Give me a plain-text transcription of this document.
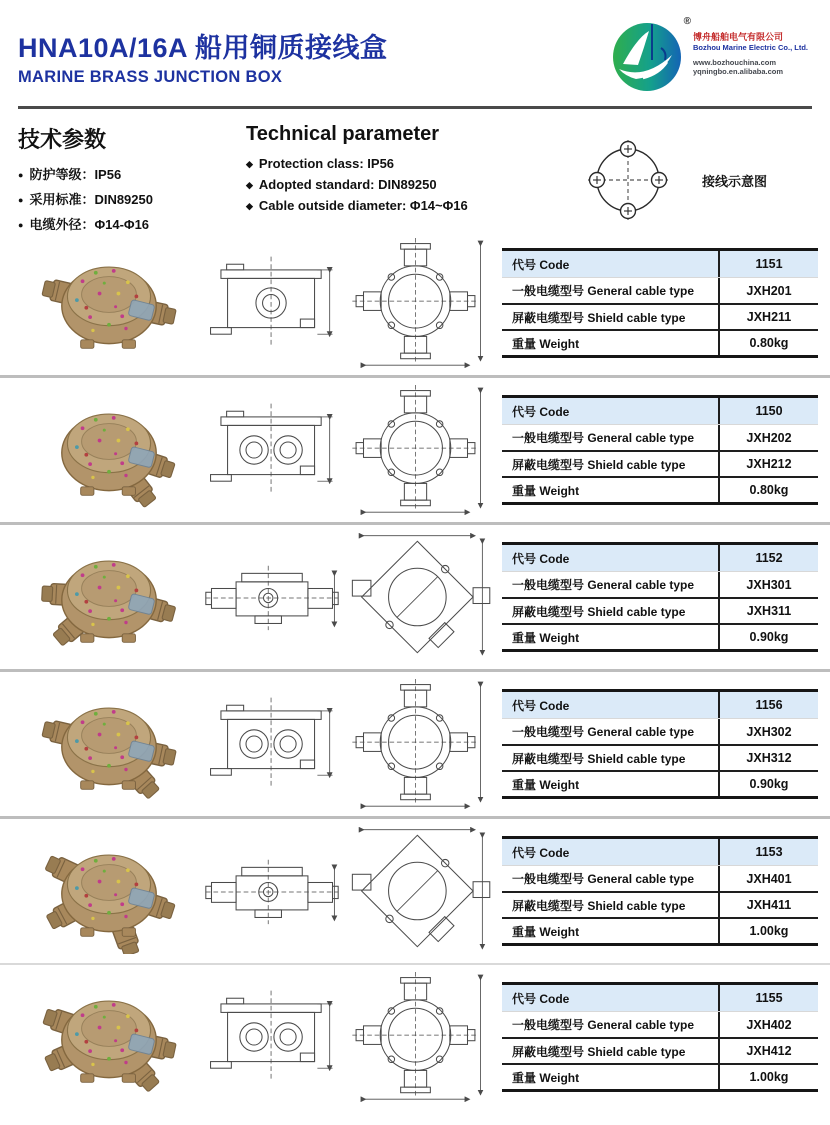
HNA10A/16A 船用铜质接线盒
MARINE BRASS JUNCTION BOX
®
博舟船舶电气有限公司
Bozhou Marine Electric Co., Ltd.
www.bozhouchina.com
yqningbo.en.alibaba.com
技术参数
● 防护等级：IP56
● 采用标准：DIN89250
● 电缆外径：Φ14-Φ16
Technical parameter
◆ Protection class: IP56
◆ Adopted standard: DIN89250
◆ Cable outside diameter: Φ14~Φ16
接线示意图
代号 Code	1151
一般电缆型号 General cable type	JXH201
屏蔽电缆型号 Shield cable type	JXH211
重量 Weight	0.80kg
代号 Code	1150
一般电缆型号 General cable type	JXH202
屏蔽电缆型号 Shield cable type	JXH212
重量 Weight	0.80kg
代号 Code	1152
一般电缆型号 General cable type	JXH301
屏蔽电缆型号 Shield cable type	JXH311
重量 Weight	0.90kg
代号 Code	1156
一般电缆型号 General cable type	JXH302
屏蔽电缆型号 Shield cable type	JXH312
重量 Weight	0.90kg
代号 Code	1153
一般电缆型号 General cable type	JXH401
屏蔽电缆型号 Shield cable type	JXH411
重量 Weight	1.00kg
代号 Code	1155
一般电缆型号 General cable type	JXH402
屏蔽电缆型号 Shield cable type	JXH412
重量 Weight	1.00kg
